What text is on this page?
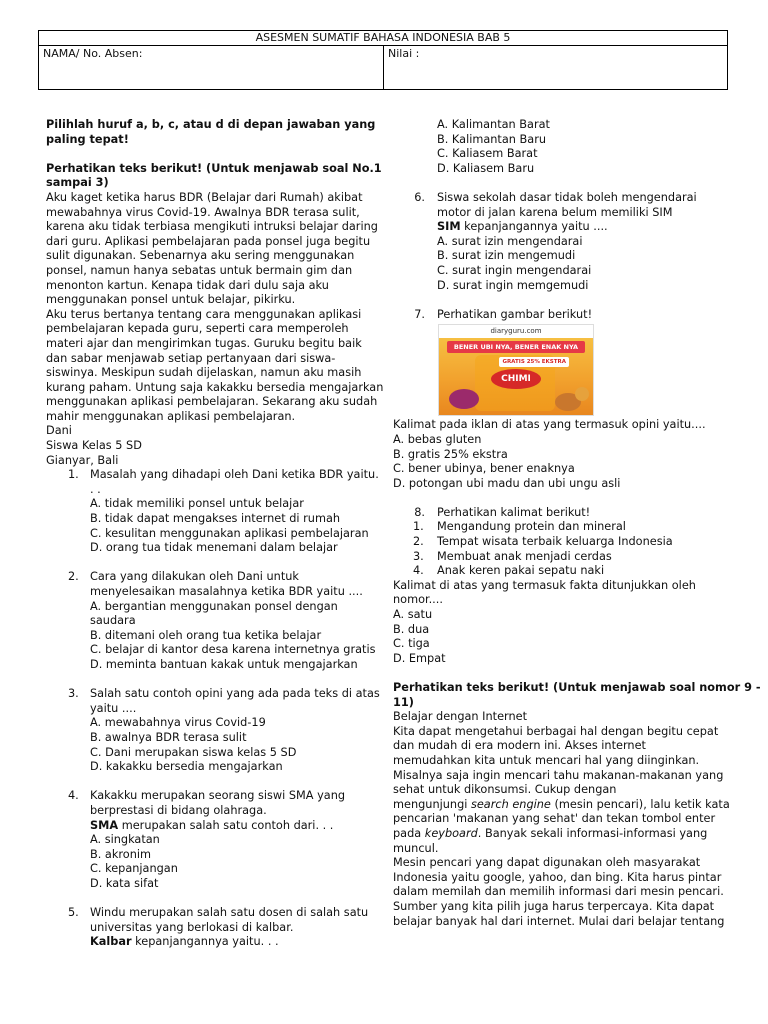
ASESMEN SUMATIF BAHASA INDONESIA BAB 5
NAMA/ No. Absen:	Nilai :
Pilihlah huruf a, b, c, atau d di depan jawaban yang
paling tepat!
Perhatikan teks berikut! (Untuk menjawab soal No.1
sampai 3)
Aku kaget ketika harus BDR (Belajar dari Rumah) akibat
mewabahnya virus Covid-19. Awalnya BDR terasa sulit,
karena aku tidak terbiasa mengikuti intruksi belajar daring
dari guru. Aplikasi pembelajaran pada ponsel juga begitu
sulit digunakan. Sebenarnya aku sering menggunakan
ponsel, namun hanya sebatas untuk bermain gim dan
menonton kartun. Kenapa tidak dari dulu saja aku
menggunakan ponsel untuk belajar, pikirku.
Aku terus bertanya tentang cara menggunakan aplikasi
pembelajaran kepada guru, seperti cara memperoleh
materi ajar dan mengirimkan tugas. Guruku begitu baik
dan sabar menjawab setiap pertanyaan dari siswa-
siswinya. Meskipun sudah dijelaskan, namun aku masih
kurang paham. Untung saja kakakku bersedia mengajarkan
menggunakan aplikasi pembelajaran. Sekarang aku sudah
mahir menggunakan aplikasi pembelajaran.
Dani
Siswa Kelas 5 SD
Gianyar, Bali
1. Masalah yang dihadapi oleh Dani ketika BDR yaitu.
. .
A. tidak memiliki ponsel untuk belajar
B. tidak dapat mengakses internet di rumah
C. kesulitan menggunakan aplikasi pembelajaran
D. orang tua tidak menemani dalam belajar
2. Cara yang dilakukan oleh Dani untuk
menyelesaikan masalahnya ketika BDR yaitu ....
A. bergantian menggunakan ponsel dengan
saudara
B. ditemani oleh orang tua ketika belajar
C. belajar di kantor desa karena internetnya gratis
D. meminta bantuan kakak untuk mengajarkan
3. Salah satu contoh opini yang ada pada teks di atas
yaitu ....
A. mewabahnya virus Covid-19
B. awalnya BDR terasa sulit
C. Dani merupakan siswa kelas 5 SD
D. kakakku bersedia mengajarkan
4. Kakakku merupakan seorang siswi SMA yang
berprestasi di bidang olahraga.
SMA merupakan salah satu contoh dari. . .
A. singkatan
B. akronim
C. kepanjangan
D. kata sifat
5. Windu merupakan salah satu dosen di salah satu
universitas yang berlokasi di kalbar.
Kalbar kepanjangannya yaitu. . .
A. Kalimantan Barat
B. Kalimantan Baru
C. Kaliasem Barat
D. Kaliasem Baru
6.	Siswa sekolah dasar tidak boleh mengendarai
motor di jalan karena belum memiliki SIM
SIM kepanjangannya yaitu ....
A. surat izin mengendarai
B. surat izin mengemudi
C. surat ingin mengendarai
D. surat ingin memgemudi
7.	Perhatikan gambar berikut!
diaryguru.com
BENER UBI NYA, BENER ENAK NYA
GRATIS 25% EKSTRA
CHIMI
Kalimat pada iklan di atas yang termasuk opini yaitu....
A. bebas gluten
B. gratis 25% ekstra
C. bener ubinya, bener enaknya
D. potongan ubi madu dan ubi ungu asli
8.	Perhatikan kalimat berikut!
1.	Mengandung protein dan mineral
2.	Tempat wisata terbaik keluarga Indonesia
3.	Membuat anak menjadi cerdas
4.	Anak keren pakai sepatu naki
Kalimat di atas yang termasuk fakta ditunjukkan oleh
nomor....
A. satu
B. dua
C. tiga
D. Empat
Perhatikan teks berikut! (Untuk menjawab soal nomor 9 -
11)
Belajar dengan Internet
Kita dapat mengetahui berbagai hal dengan begitu cepat
dan mudah di era modern ini. Akses internet
memudahkan kita untuk mencari hal yang diinginkan.
Misalnya saja ingin mencari tahu makanan-makanan yang
sehat untuk dikonsumsi. Cukup dengan
mengunjungi search engine (mesin pencari), lalu ketik kata
pencarian 'makanan yang sehat' dan tekan tombol enter
pada keyboard. Banyak sekali informasi-informasi yang
muncul.
Mesin pencari yang dapat digunakan oleh masyarakat
Indonesia yaitu google, yahoo, dan bing. Kita harus pintar
dalam memilah dan memilih informasi dari mesin pencari.
Sumber yang kita pilih juga harus terpercaya. Kita dapat
belajar banyak hal dari internet. Mulai dari belajar tentang
